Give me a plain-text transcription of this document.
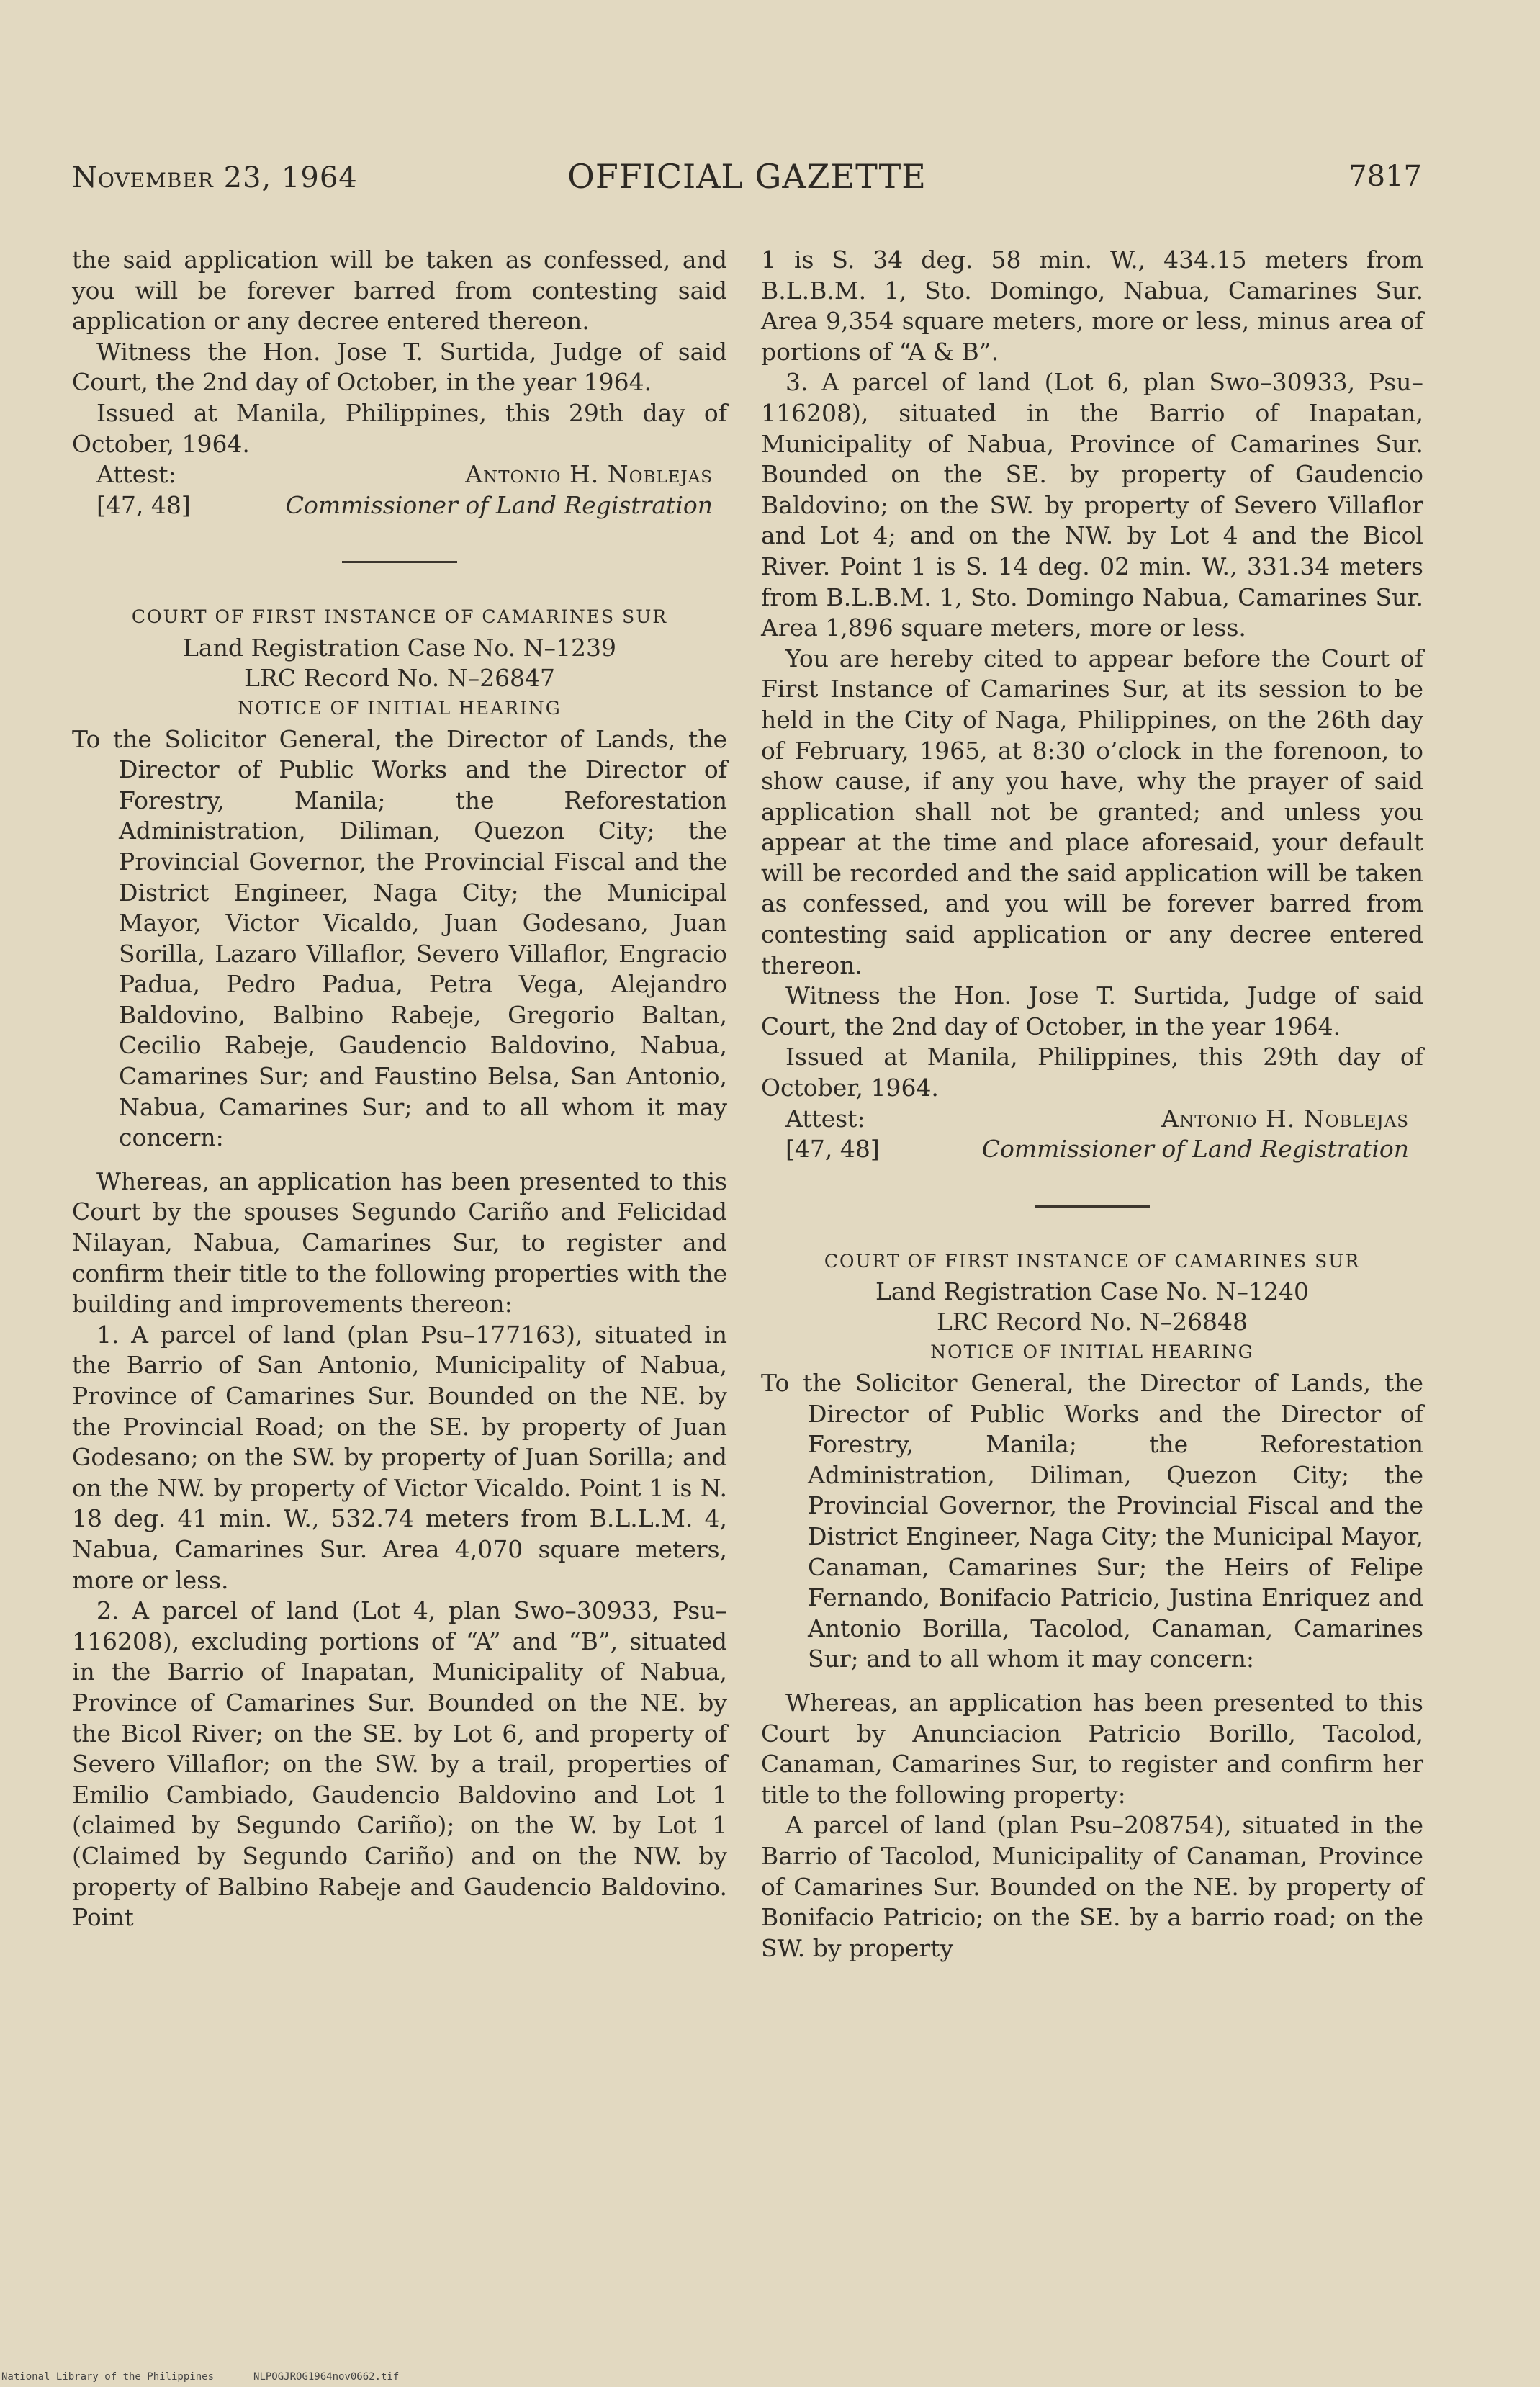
November 23, 1964	OFFICIAL GAZETTE	7817

the said application will be taken as confessed, and you will be forever barred from contesting said application or any decree entered thereon.

Witness the Hon. Jose T. Surtida, Judge of said Court, the 2nd day of October, in the year 1964.

Issued at Manila, Philippines, this 29th day of October, 1964.

Attest:	Antonio H. Noblejas
[47, 48]	Commissioner of Land Registration

COURT OF FIRST INSTANCE OF CAMARINES SUR

Land Registration Case No. N–1239

LRC Record No. N–26847

NOTICE OF INITIAL HEARING

To the Solicitor General, the Director of Lands, the Director of Public Works and the Director of Forestry, Manila; the Reforestation Administration, Diliman, Quezon City; the Provincial Governor, the Provincial Fiscal and the District Engineer, Naga City; the Municipal Mayor, Victor Vicaldo, Juan Godesano, Juan Sorilla, Lazaro Villaflor, Severo Villaflor, Engracio Padua, Pedro Padua, Petra Vega, Alejandro Baldovino, Balbino Rabeje, Gregorio Baltan, Cecilio Rabeje, Gaudencio Baldovino, Nabua, Camarines Sur; and Faustino Belsa, San Antonio, Nabua, Camarines Sur; and to all whom it may concern:

Whereas, an application has been presented to this Court by the spouses Segundo Cariño and Felicidad Nilayan, Nabua, Camarines Sur, to register and confirm their title to the following properties with the building and improvements thereon:

1. A parcel of land (plan Psu–177163), situated in the Barrio of San Antonio, Municipality of Nabua, Province of Camarines Sur. Bounded on the NE. by the Provincial Road; on the SE. by property of Juan Godesano; on the SW. by property of Juan Sorilla; and on the NW. by property of Victor Vicaldo. Point 1 is N. 18 deg. 41 min. W., 532.74 meters from B.L.L.M. 4, Nabua, Camarines Sur. Area 4,070 square meters, more or less.

2. A parcel of land (Lot 4, plan Swo–30933, Psu–116208), excluding portions of “A” and “B”, situated in the Barrio of Inapatan, Municipality of Nabua, Province of Camarines Sur. Bounded on the NE. by the Bicol River; on the SE. by Lot 6, and property of Severo Villaflor; on the SW. by a trail, properties of Emilio Cambiado, Gaudencio Baldovino and Lot 1 (claimed by Segundo Cariño); on the W. by Lot 1 (Claimed by Segundo Cariño) and on the NW. by property of Balbino Rabeje and Gaudencio Baldovino. Point

1 is S. 34 deg. 58 min. W., 434.15 meters from B.L.B.M. 1, Sto. Domingo, Nabua, Camarines Sur. Area 9,354 square meters, more or less, minus area of portions of “A & B”.

3. A parcel of land (Lot 6, plan Swo–30933, Psu–116208), situated in the Barrio of Inapatan, Municipality of Nabua, Province of Camarines Sur. Bounded on the SE. by property of Gaudencio Baldovino; on the SW. by property of Severo Villaflor and Lot 4; and on the NW. by Lot 4 and the Bicol River. Point 1 is S. 14 deg. 02 min. W., 331.34 meters from B.L.B.M. 1, Sto. Domingo Nabua, Camarines Sur. Area 1,896 square meters, more or less.

You are hereby cited to appear before the Court of First Instance of Camarines Sur, at its session to be held in the City of Naga, Philippines, on the 26th day of February, 1965, at 8:30 o’clock in the forenoon, to show cause, if any you have, why the prayer of said application shall not be granted; and unless you appear at the time and place aforesaid, your default will be recorded and the said application will be taken as confessed, and you will be forever barred from contesting said application or any decree entered thereon.

Witness the Hon. Jose T. Surtida, Judge of said Court, the 2nd day of October, in the year 1964.

Issued at Manila, Philippines, this 29th day of October, 1964.

Attest:	Antonio H. Noblejas
[47, 48]	Commissioner of Land Registration

COURT OF FIRST INSTANCE OF CAMARINES SUR

Land Registration Case No. N–1240

LRC Record No. N–26848

NOTICE OF INITIAL HEARING

To the Solicitor General, the Director of Lands, the Director of Public Works and the Director of Forestry, Manila; the Reforestation Administration, Diliman, Quezon City; the Provincial Governor, the Provincial Fiscal and the District Engineer, Naga City; the Municipal Mayor, Canaman, Camarines Sur; the Heirs of Felipe Fernando, Bonifacio Patricio, Justina Enriquez and Antonio Borilla, Tacolod, Canaman, Camarines Sur; and to all whom it may concern:

Whereas, an application has been presented to this Court by Anunciacion Patricio Borillo, Tacolod, Canaman, Camarines Sur, to register and confirm her title to the following property:

A parcel of land (plan Psu–208754), situated in the Barrio of Tacolod, Municipality of Canaman, Province of Camarines Sur. Bounded on the NE. by property of Bonifacio Patricio; on the SE. by a barrio road; on the SW. by property

National Library of the Philippines	NLPOGJROG1964nov0662.tif
